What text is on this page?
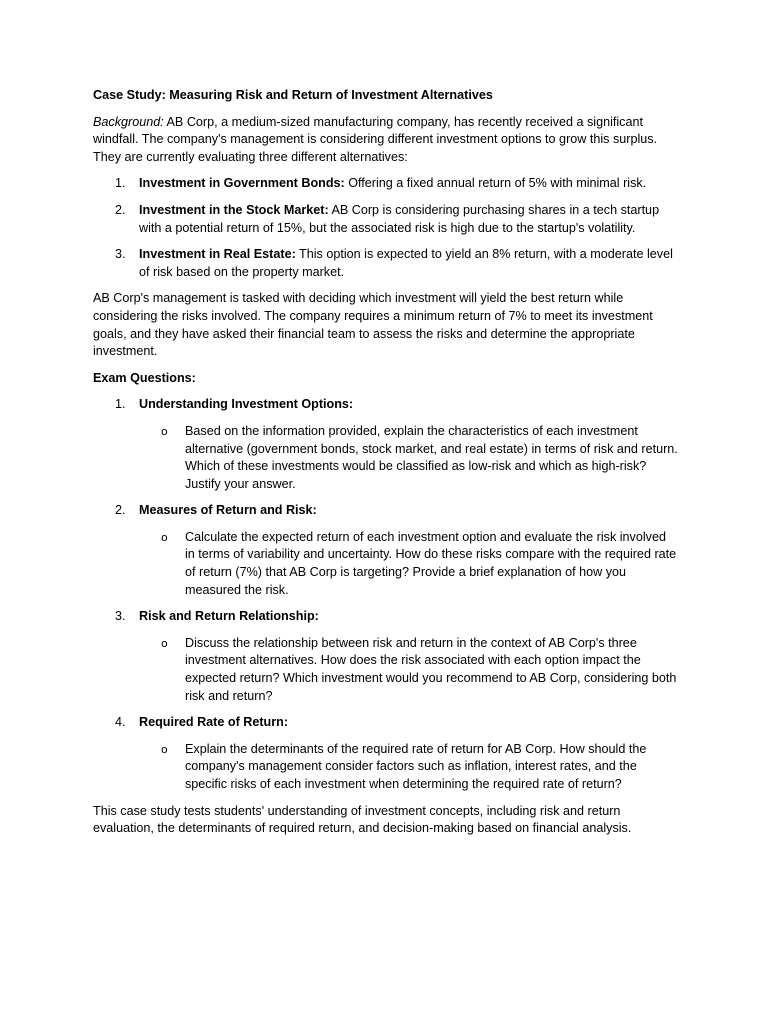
Case Study: Measuring Risk and Return of Investment Alternatives

Background: AB Corp, a medium-sized manufacturing company, has recently received a significant windfall. The company's management is considering different investment options to grow this surplus. They are currently evaluating three different alternatives:

1. Investment in Government Bonds: Offering a fixed annual return of 5% with minimal risk.
2. Investment in the Stock Market: AB Corp is considering purchasing shares in a tech startup with a potential return of 15%, but the associated risk is high due to the startup's volatility.
3. Investment in Real Estate: This option is expected to yield an 8% return, with a moderate level of risk based on the property market.

AB Corp's management is tasked with deciding which investment will yield the best return while considering the risks involved. The company requires a minimum return of 7% to meet its investment goals, and they have asked their financial team to assess the risks and determine the appropriate investment.

Exam Questions:

1. Understanding Investment Options:

o Based on the information provided, explain the characteristics of each investment alternative (government bonds, stock market, and real estate) in terms of risk and return. Which of these investments would be classified as low-risk and which as high-risk? Justify your answer.
2. Measures of Return and Risk:

o Calculate the expected return of each investment option and evaluate the risk involved in terms of variability and uncertainty. How do these risks compare with the required rate of return (7%) that AB Corp is targeting? Provide a brief explanation of how you measured the risk.
3. Risk and Return Relationship:

o Discuss the relationship between risk and return in the context of AB Corp's three investment alternatives. How does the risk associated with each option impact the expected return? Which investment would you recommend to AB Corp, considering both risk and return?
4. Required Rate of Return:

o Explain the determinants of the required rate of return for AB Corp. How should the company's management consider factors such as inflation, interest rates, and the specific risks of each investment when determining the required rate of return?

This case study tests students' understanding of investment concepts, including risk and return evaluation, the determinants of required return, and decision-making based on financial analysis.
